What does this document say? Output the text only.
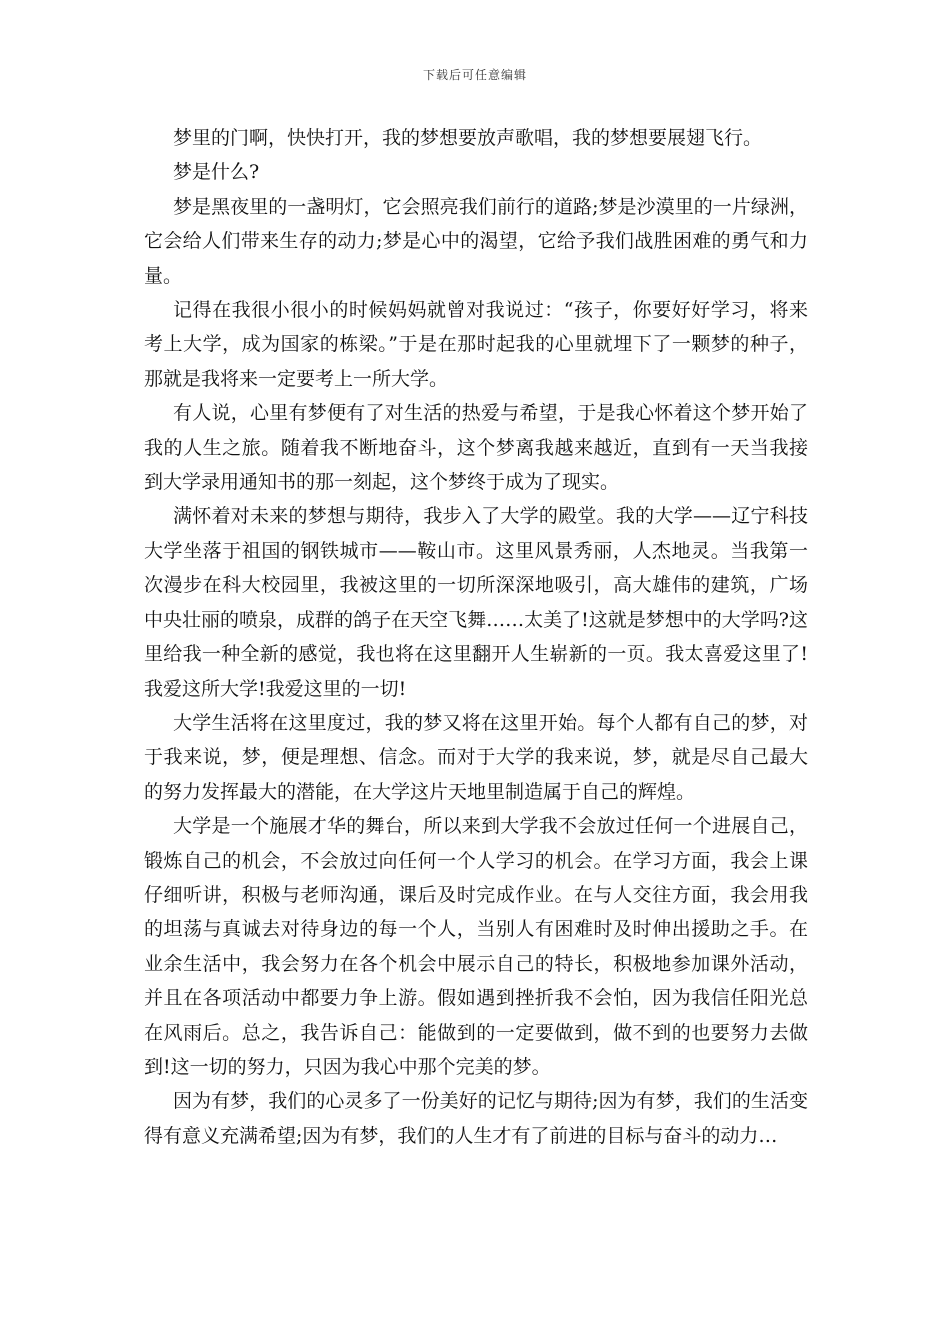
下载后可任意编辑

梦里的门啊，快快打开，我的梦想要放声歌唱，我的梦想要展翅飞行。

梦是什么?

梦是黑夜里的一盏明灯，它会照亮我们前行的道路;梦是沙漠里的一片绿洲，它会给人们带来生存的动力;梦是心中的渴望，它给予我们战胜困难的勇气和力量。

记得在我很小很小的时候妈妈就曾对我说过：“孩子，你要好好学习，将来考上大学，成为国家的栋梁。”于是在那时起我的心里就埋下了一颗梦的种子，那就是我将来一定要考上一所大学。

有人说，心里有梦便有了对生活的热爱与希望，于是我心怀着这个梦开始了我的人生之旅。随着我不断地奋斗，这个梦离我越来越近，直到有一天当我接到大学录用通知书的那一刻起，这个梦终于成为了现实。

满怀着对未来的梦想与期待，我步入了大学的殿堂。我的大学——辽宁科技大学坐落于祖国的钢铁城市——鞍山市。这里风景秀丽，人杰地灵。当我第一次漫步在科大校园里，我被这里的一切所深深地吸引，高大雄伟的建筑，广场中央壮丽的喷泉，成群的鸽子在天空飞舞……太美了!这就是梦想中的大学吗?这里给我一种全新的感觉，我也将在这里翻开人生崭新的一页。我太喜爱这里了!我爱这所大学!我爱这里的一切!

大学生活将在这里度过，我的梦又将在这里开始。每个人都有自己的梦，对于我来说，梦，便是理想、信念。而对于大学的我来说，梦，就是尽自己最大的努力发挥最大的潜能，在大学这片天地里制造属于自己的辉煌。

大学是一个施展才华的舞台，所以来到大学我不会放过任何一个进展自己，锻炼自己的机会，不会放过向任何一个人学习的机会。在学习方面，我会上课仔细听讲，积极与老师沟通，课后及时完成作业。在与人交往方面，我会用我的坦荡与真诚去对待身边的每一个人，当别人有困难时及时伸出援助之手。在业余生活中，我会努力在各个机会中展示自己的特长，积极地参加课外活动，并且在各项活动中都要力争上游。假如遇到挫折我不会怕，因为我信任阳光总在风雨后。总之，我告诉自己：能做到的一定要做到，做不到的也要努力去做到!这一切的努力，只因为我心中那个完美的梦。

因为有梦，我们的心灵多了一份美好的记忆与期待;因为有梦，我们的生活变得有意义充满希望;因为有梦，我们的人生才有了前进的目标与奋斗的动力…
